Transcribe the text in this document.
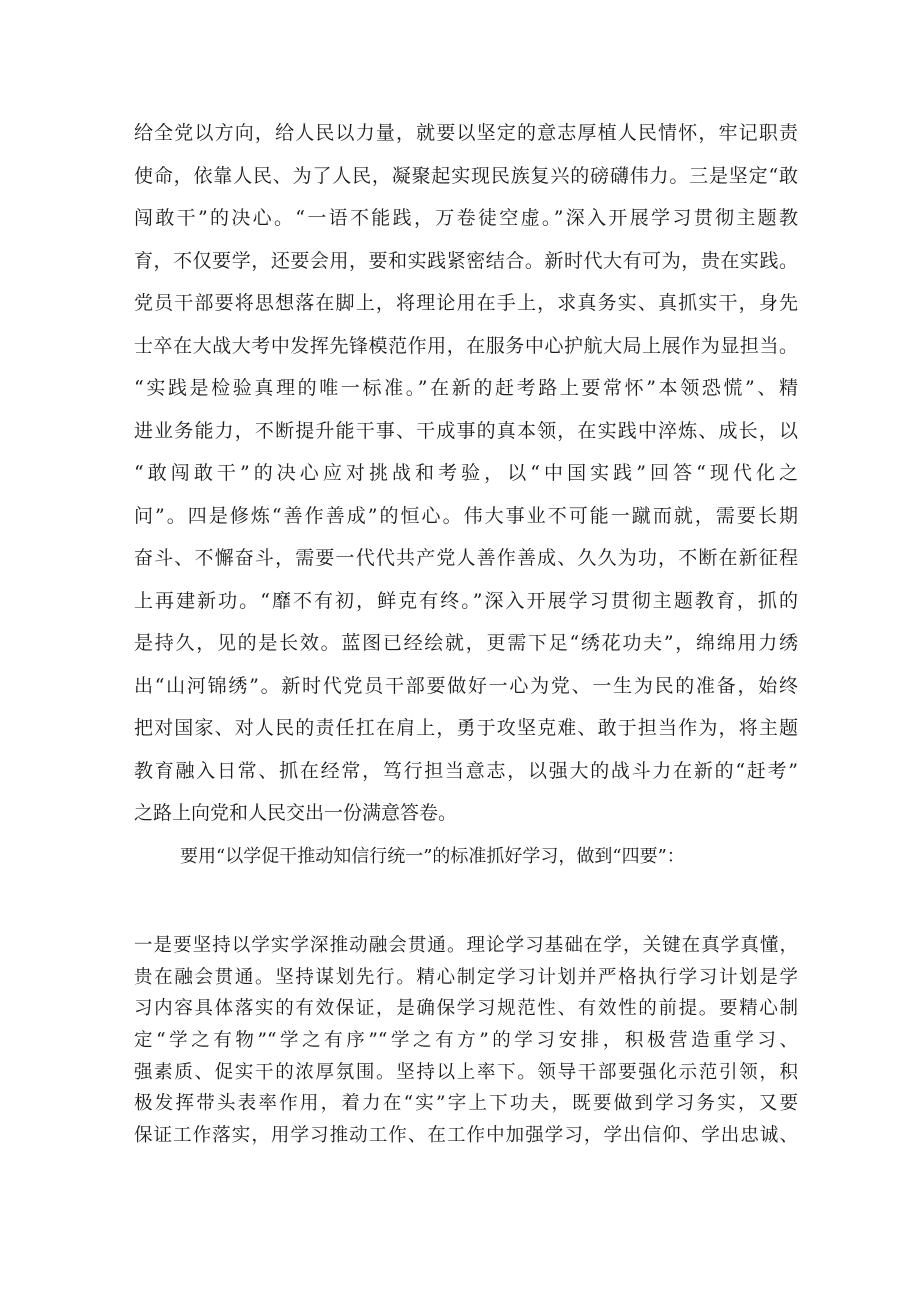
给全党以方向，给人民以力量，就要以坚定的意志厚植人民情怀，牢记职责
使命，依靠人民、为了人民，凝聚起实现民族复兴的磅礴伟力。三是坚定“敢
闯敢干”的决心。“一语不能践，万卷徒空虚。”深入开展学习贯彻主题教
育，不仅要学，还要会用，要和实践紧密结合。新时代大有可为，贵在实践。
党员干部要将思想落在脚上，将理论用在手上，求真务实、真抓实干，身先
士卒在大战大考中发挥先锋模范作用，在服务中心护航大局上展作为显担当。
“实践是检验真理的唯一标准。”在新的赶考路上要常怀”本领恐慌”、精
进业务能力，不断提升能干事、干成事的真本领，在实践中淬炼、成长，以
“敢闯敢干”的决心应对挑战和考验，以“中国实践”回答“现代化之
问”。四是修炼“善作善成”的恒心。伟大事业不可能一蹴而就，需要长期
奋斗、不懈奋斗，需要一代代共产党人善作善成、久久为功，不断在新征程
上再建新功。“靡不有初，鲜克有终。”深入开展学习贯彻主题教育，抓的
是持久，见的是长效。蓝图已经绘就，更需下足“绣花功夫”，绵绵用力绣
出“山河锦绣”。新时代党员干部要做好一心为党、一生为民的准备，始终
把对国家、对人民的责任扛在肩上，勇于攻坚克难、敢于担当作为，将主题
教育融入日常、抓在经常，笃行担当意志，以强大的战斗力在新的“赶考”
之路上向党和人民交出一份满意答卷。
要用“以学促干推动知信行统一”的标准抓好学习，做到“四要”：
一是要坚持以学实学深推动融会贯通。理论学习基础在学，关键在真学真懂，
贵在融会贯通。坚持谋划先行。精心制定学习计划并严格执行学习计划是学
习内容具体落实的有效保证，是确保学习规范性、有效性的前提。要精心制
定“学之有物”“学之有序”“学之有方”的学习安排，积极营造重学习、
强素质、促实干的浓厚氛围。坚持以上率下。领导干部要强化示范引领，积
极发挥带头表率作用，着力在“实”字上下功夫，既要做到学习务实，又要
保证工作落实，用学习推动工作、在工作中加强学习，学出信仰、学出忠诚、
